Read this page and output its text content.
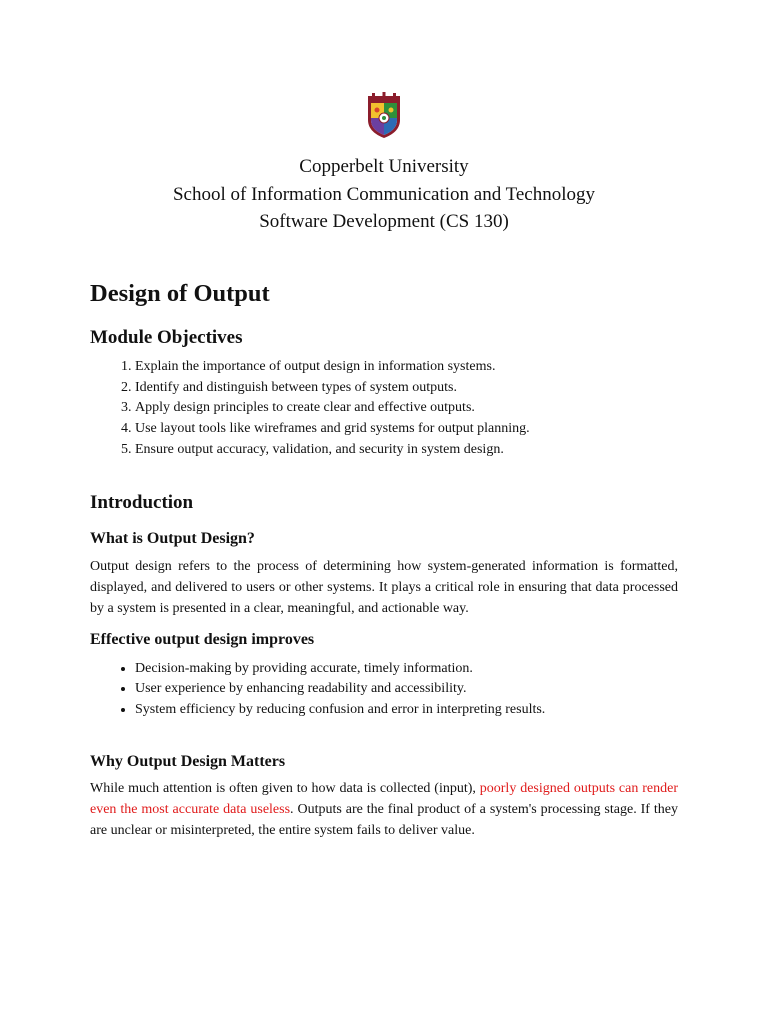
Copperbelt University
School of Information Communication and Technology
Software Development (CS 130)
Design of Output
Module Objectives
1. Explain the importance of output design in information systems.
2. Identify and distinguish between types of system outputs.
3. Apply design principles to create clear and effective outputs.
4. Use layout tools like wireframes and grid systems for output planning.
5. Ensure output accuracy, validation, and security in system design.
Introduction
What is Output Design?

Output design refers to the process of determining how system-generated information is formatted, displayed, and delivered to users or other systems. It plays a critical role in ensuring that data processed by a system is presented in a clear, meaningful, and actionable way.

Effective output design improves
• Decision-making by providing accurate, timely information.
• User experience by enhancing readability and accessibility.
• System efficiency by reducing confusion and error in interpreting results.
Why Output Design Matters

While much attention is often given to how data is collected (input), poorly designed outputs can render even the most accurate data useless. Outputs are the final product of a system's processing stage. If they are unclear or misinterpreted, the entire system fails to deliver value.
